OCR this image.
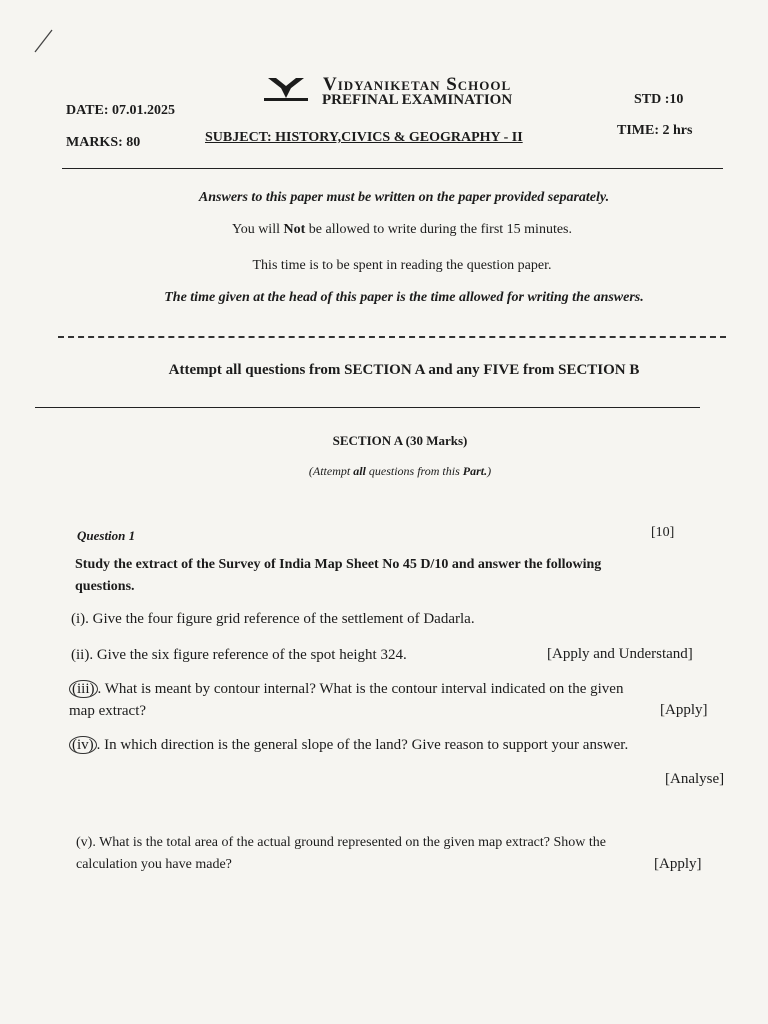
Vidyaniketan School
PREFINAL EXAMINATION
DATE: 07.01.2025
STD :10
MARKS: 80	SUBJECT: HISTORY,CIVICS & GEOGRAPHY - II	TIME: 2 hrs
Answers to this paper must be written on the paper provided separately.
You will Not be allowed to write during the first 15 minutes.
This time is to be spent in reading the question paper.
The time given at the head of this paper is the time allowed for writing the answers.
Attempt all questions from SECTION A and any FIVE from SECTION B
SECTION A (30 Marks)
(Attempt all questions from this Part.)
Question 1	[10]
Study the extract of the Survey of India Map Sheet No 45 D/10 and answer the following
questions.
(i). Give the four figure grid reference of the settlement of Dadarla.
(ii). Give the six figure reference of the spot height 324.	[Apply and Understand]
(iii) . What is meant by contour internal? What is the contour interval indicated on the given
map extract?	[Apply]
(iv) . In which direction is the general slope of the land? Give reason to support your answer.
[Analyse]
(v). What is the total area of the actual ground represented on the given map extract? Show the
calculation you have made?	[Apply]
